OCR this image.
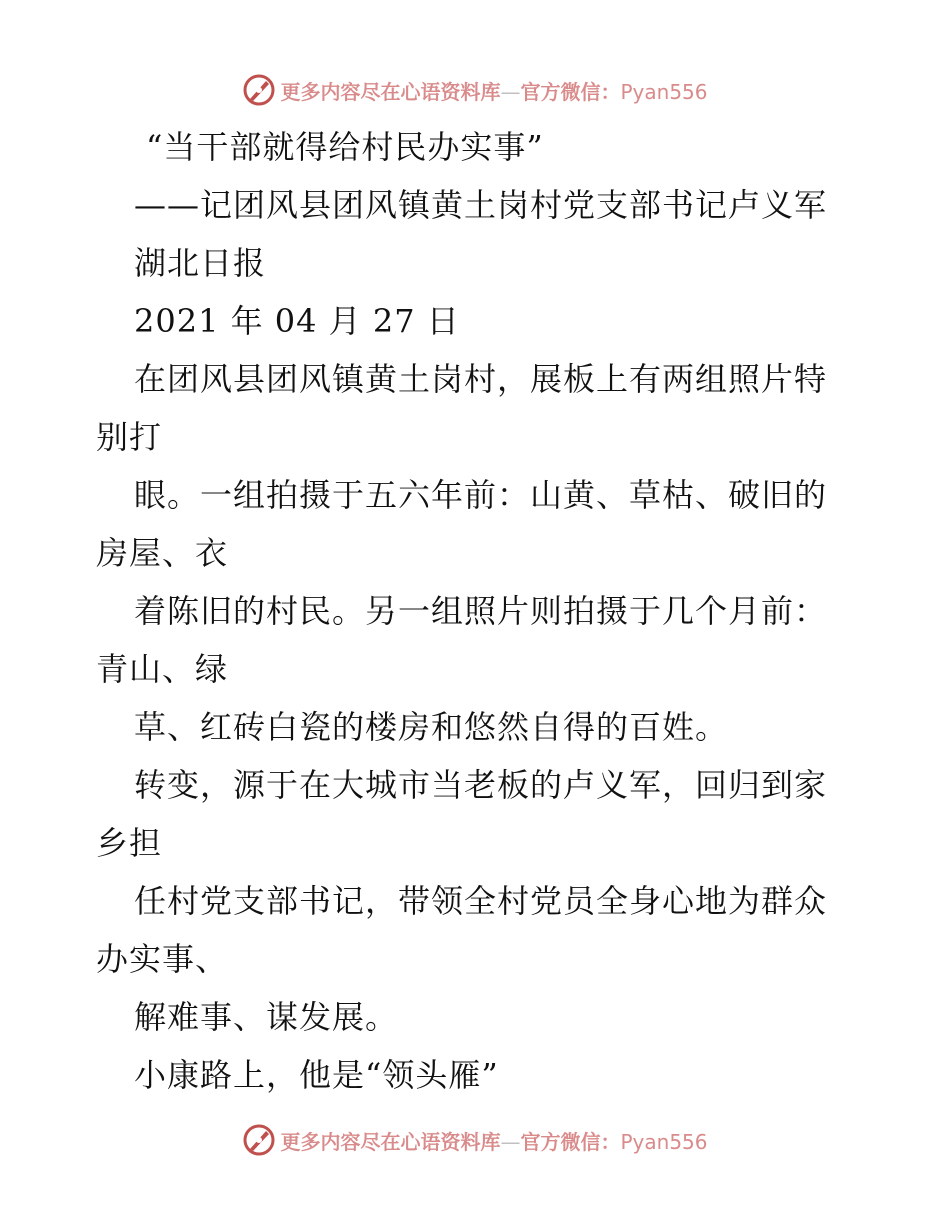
更多内容尽在心语资料库—官方微信：Pyan556
“当干部就得给村民办实事”
——记团风县团风镇黄土岗村党支部书记卢义军
湖北日报
2021 年 04 月 27 日
在团风县团风镇黄土岗村，展板上有两组照片特
别打
眼。一组拍摄于五六年前：山黄、草枯、破旧的
房屋、衣
着陈旧的村民。另一组照片则拍摄于几个月前：
青山、绿
草、红砖白瓷的楼房和悠然自得的百姓。
转变，源于在大城市当老板的卢义军，回归到家
乡担
任村党支部书记，带领全村党员全身心地为群众
办实事、
解难事、谋发展。
小康路上，他是“领头雁”
更多内容尽在心语资料库—官方微信：Pyan556
